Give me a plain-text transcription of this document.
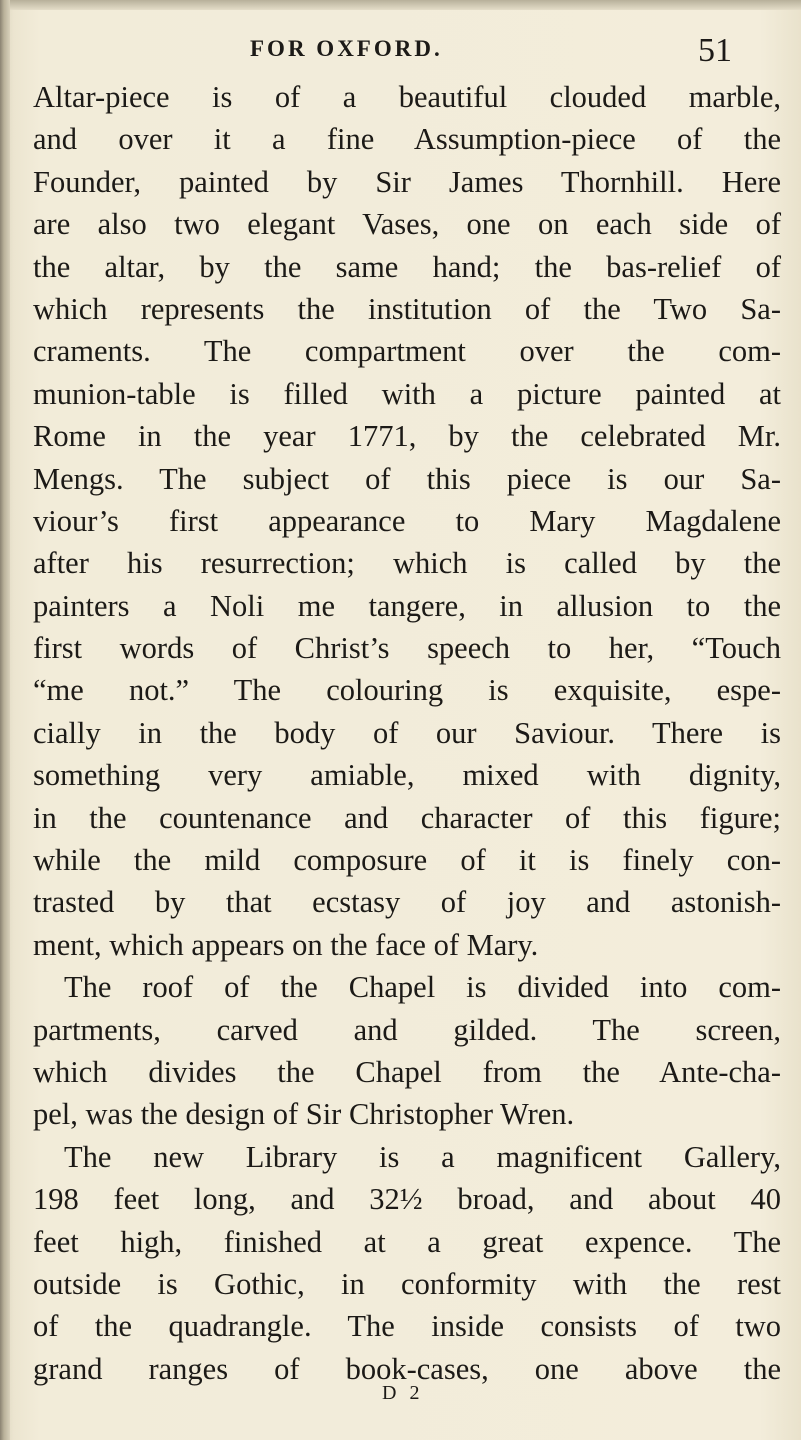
FOR OXFORD.	51
Altar-piece is of a beautiful clouded marble,
and over it a fine Assumption-piece of the
Founder, painted by Sir James Thornhill. Here
are also two elegant Vases, one on each side of
the altar, by the same hand; the bas-relief of
which represents the institution of the Two Sa-
craments. The compartment over the com-
munion-table is filled with a picture painted at
Rome in the year 1771, by the celebrated Mr.
Mengs. The subject of this piece is our Sa-
viour’s first appearance to Mary Magdalene
after his resurrection; which is called by the
painters a Noli me tangere, in allusion to the
first words of Christ’s speech to her, “Touch
“me not.” The colouring is exquisite, espe-
cially in the body of our Saviour. There is
something very amiable, mixed with dignity,
in the countenance and character of this figure;
while the mild composure of it is finely con-
trasted by that ecstasy of joy and astonish-
ment, which appears on the face of Mary.
The roof of the Chapel is divided into com-
partments, carved and gilded. The screen,
which divides the Chapel from the Ante-cha-
pel, was the design of Sir Christopher Wren.
The new Library is a magnificent Gallery,
198 feet long, and 32½ broad, and about 40
feet high, finished at a great expence. The
outside is Gothic, in conformity with the rest
of the quadrangle. The inside consists of two
grand ranges of book-cases, one above the
D 2
